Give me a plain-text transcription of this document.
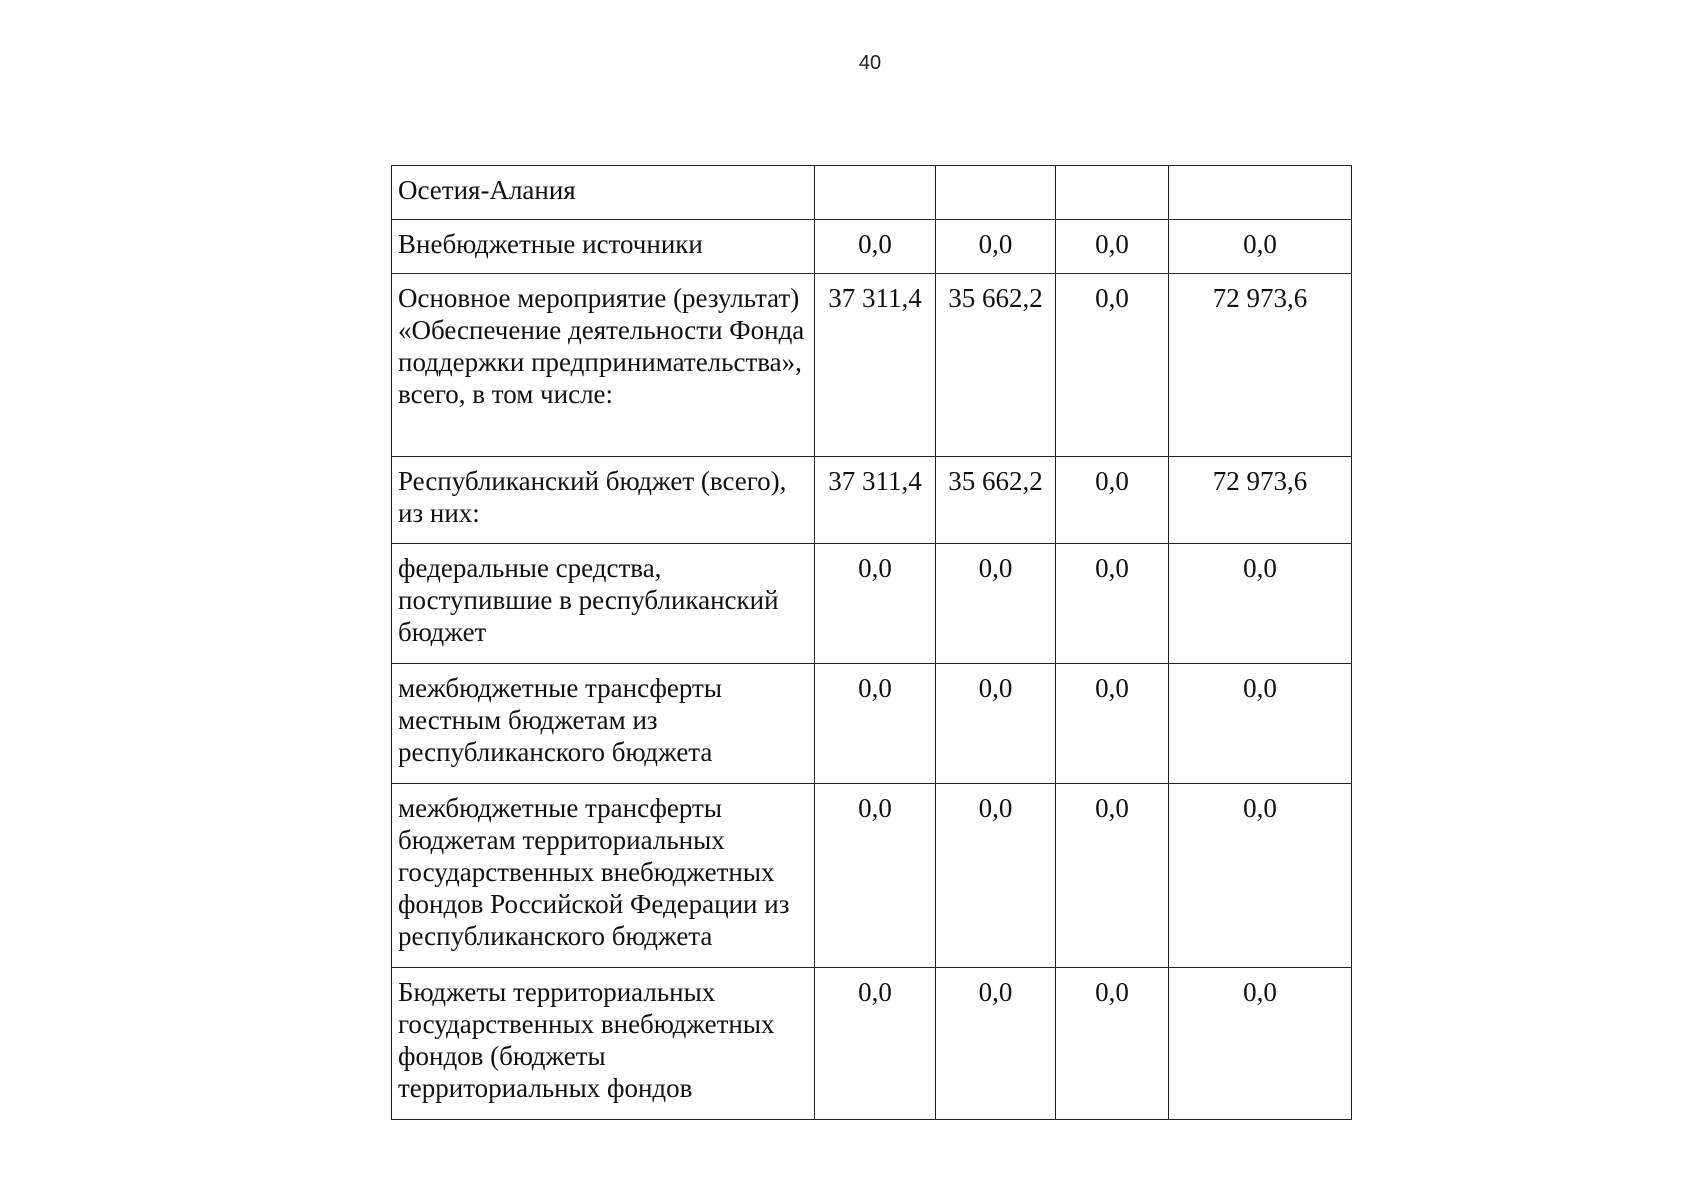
40
Осетия-Алания				
Внебюджетные источники	0,0	0,0	0,0	0,0
Основное мероприятие (результат) «Обеспечение деятельности Фонда поддержки предпринимательства», всего, в том числе:	37 311,4	35 662,2	0,0	72 973,6
Республиканский бюджет (всего), из них:	37 311,4	35 662,2	0,0	72 973,6
федеральные средства, поступившие в республиканский бюджет	0,0	0,0	0,0	0,0
межбюджетные трансферты местным бюджетам из республиканского бюджета	0,0	0,0	0,0	0,0
межбюджетные трансферты бюджетам территориальных государственных внебюджетных фондов Российской Федерации из республиканского бюджета	0,0	0,0	0,0	0,0
Бюджеты территориальных государственных внебюджетных фондов (бюджеты территориальных фондов	0,0	0,0	0,0	0,0
